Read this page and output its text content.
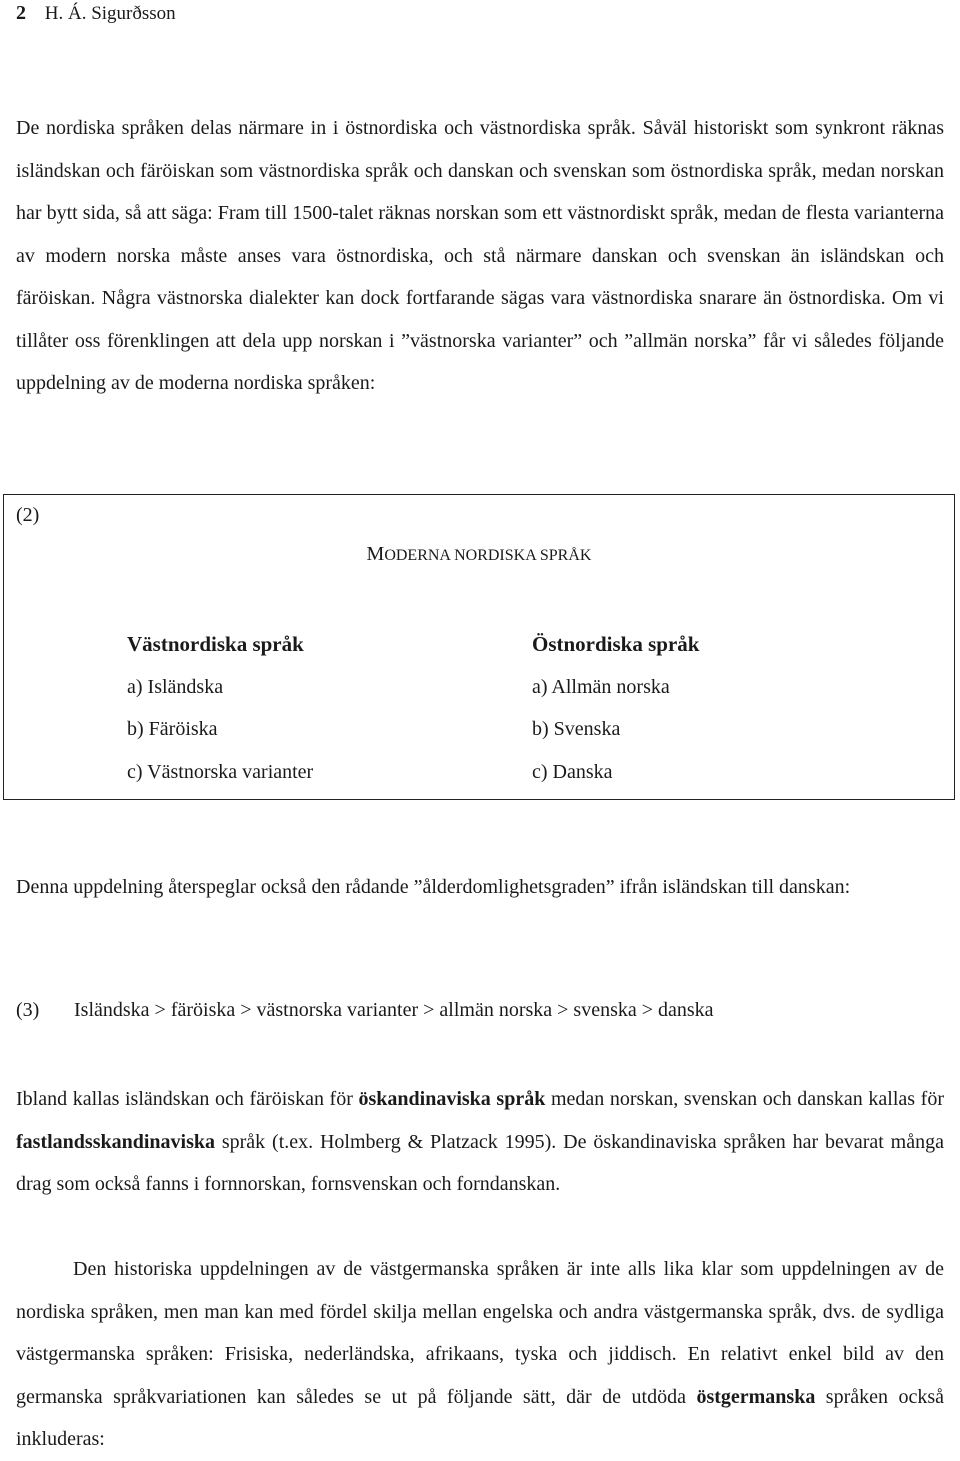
2 H. Á. Sigurðsson

De nordiska språken delas närmare in i östnordiska och västnordiska språk. Såväl historiskt som synkront räknas isländskan och färöiskan som västnordiska språk och danskan och svenskan som östnordiska språk, medan norskan har bytt sida, så att säga: Fram till 1500-talet räknas norskan som ett västnordiskt språk, medan de flesta varianterna av modern norska måste anses vara östnordiska, och stå närmare danskan och svenskan än isländskan och färöiskan. Några västnorska dialekter kan dock fortfarande sägas vara västnordiska snarare än östnordiska. Om vi tillåter oss förenklingen att dela upp norskan i ”västnorska varianter” och ”allmän norska” får vi således följande uppdelning av de moderna nordiska språken:

(2)
MODERNA NORDISKA SPRÅK
Västnordiska språk
a) Isländska
b) Färöiska
c) Västnorska varianter
Östnordiska språk
a) Allmän norska
b) Svenska
c) Danska

Denna uppdelning återspeglar också den rådande ”ålderdomlighetsgraden” ifrån isländskan till danskan:

(3) Isländska > färöiska > västnorska varianter > allmän norska > svenska > danska

Ibland kallas isländskan och färöiskan för öskandinaviska språk medan norskan, svenskan och danskan kallas för fastlandsskandinaviska språk (t.ex. Holmberg & Platzack 1995). De öskandinaviska språken har bevarat många drag som också fanns i fornnorskan, fornsvenskan och forndanskan.

Den historiska uppdelningen av de västgermanska språken är inte alls lika klar som uppdelningen av de nordiska språken, men man kan med fördel skilja mellan engelska och andra västgermanska språk, dvs. de sydliga västgermanska språken: Frisiska, nederländska, afrikaans, tyska och jiddisch. En relativt enkel bild av den germanska språkvariationen kan således se ut på följande sätt, där de utdöda östgermanska språken också inkluderas:
